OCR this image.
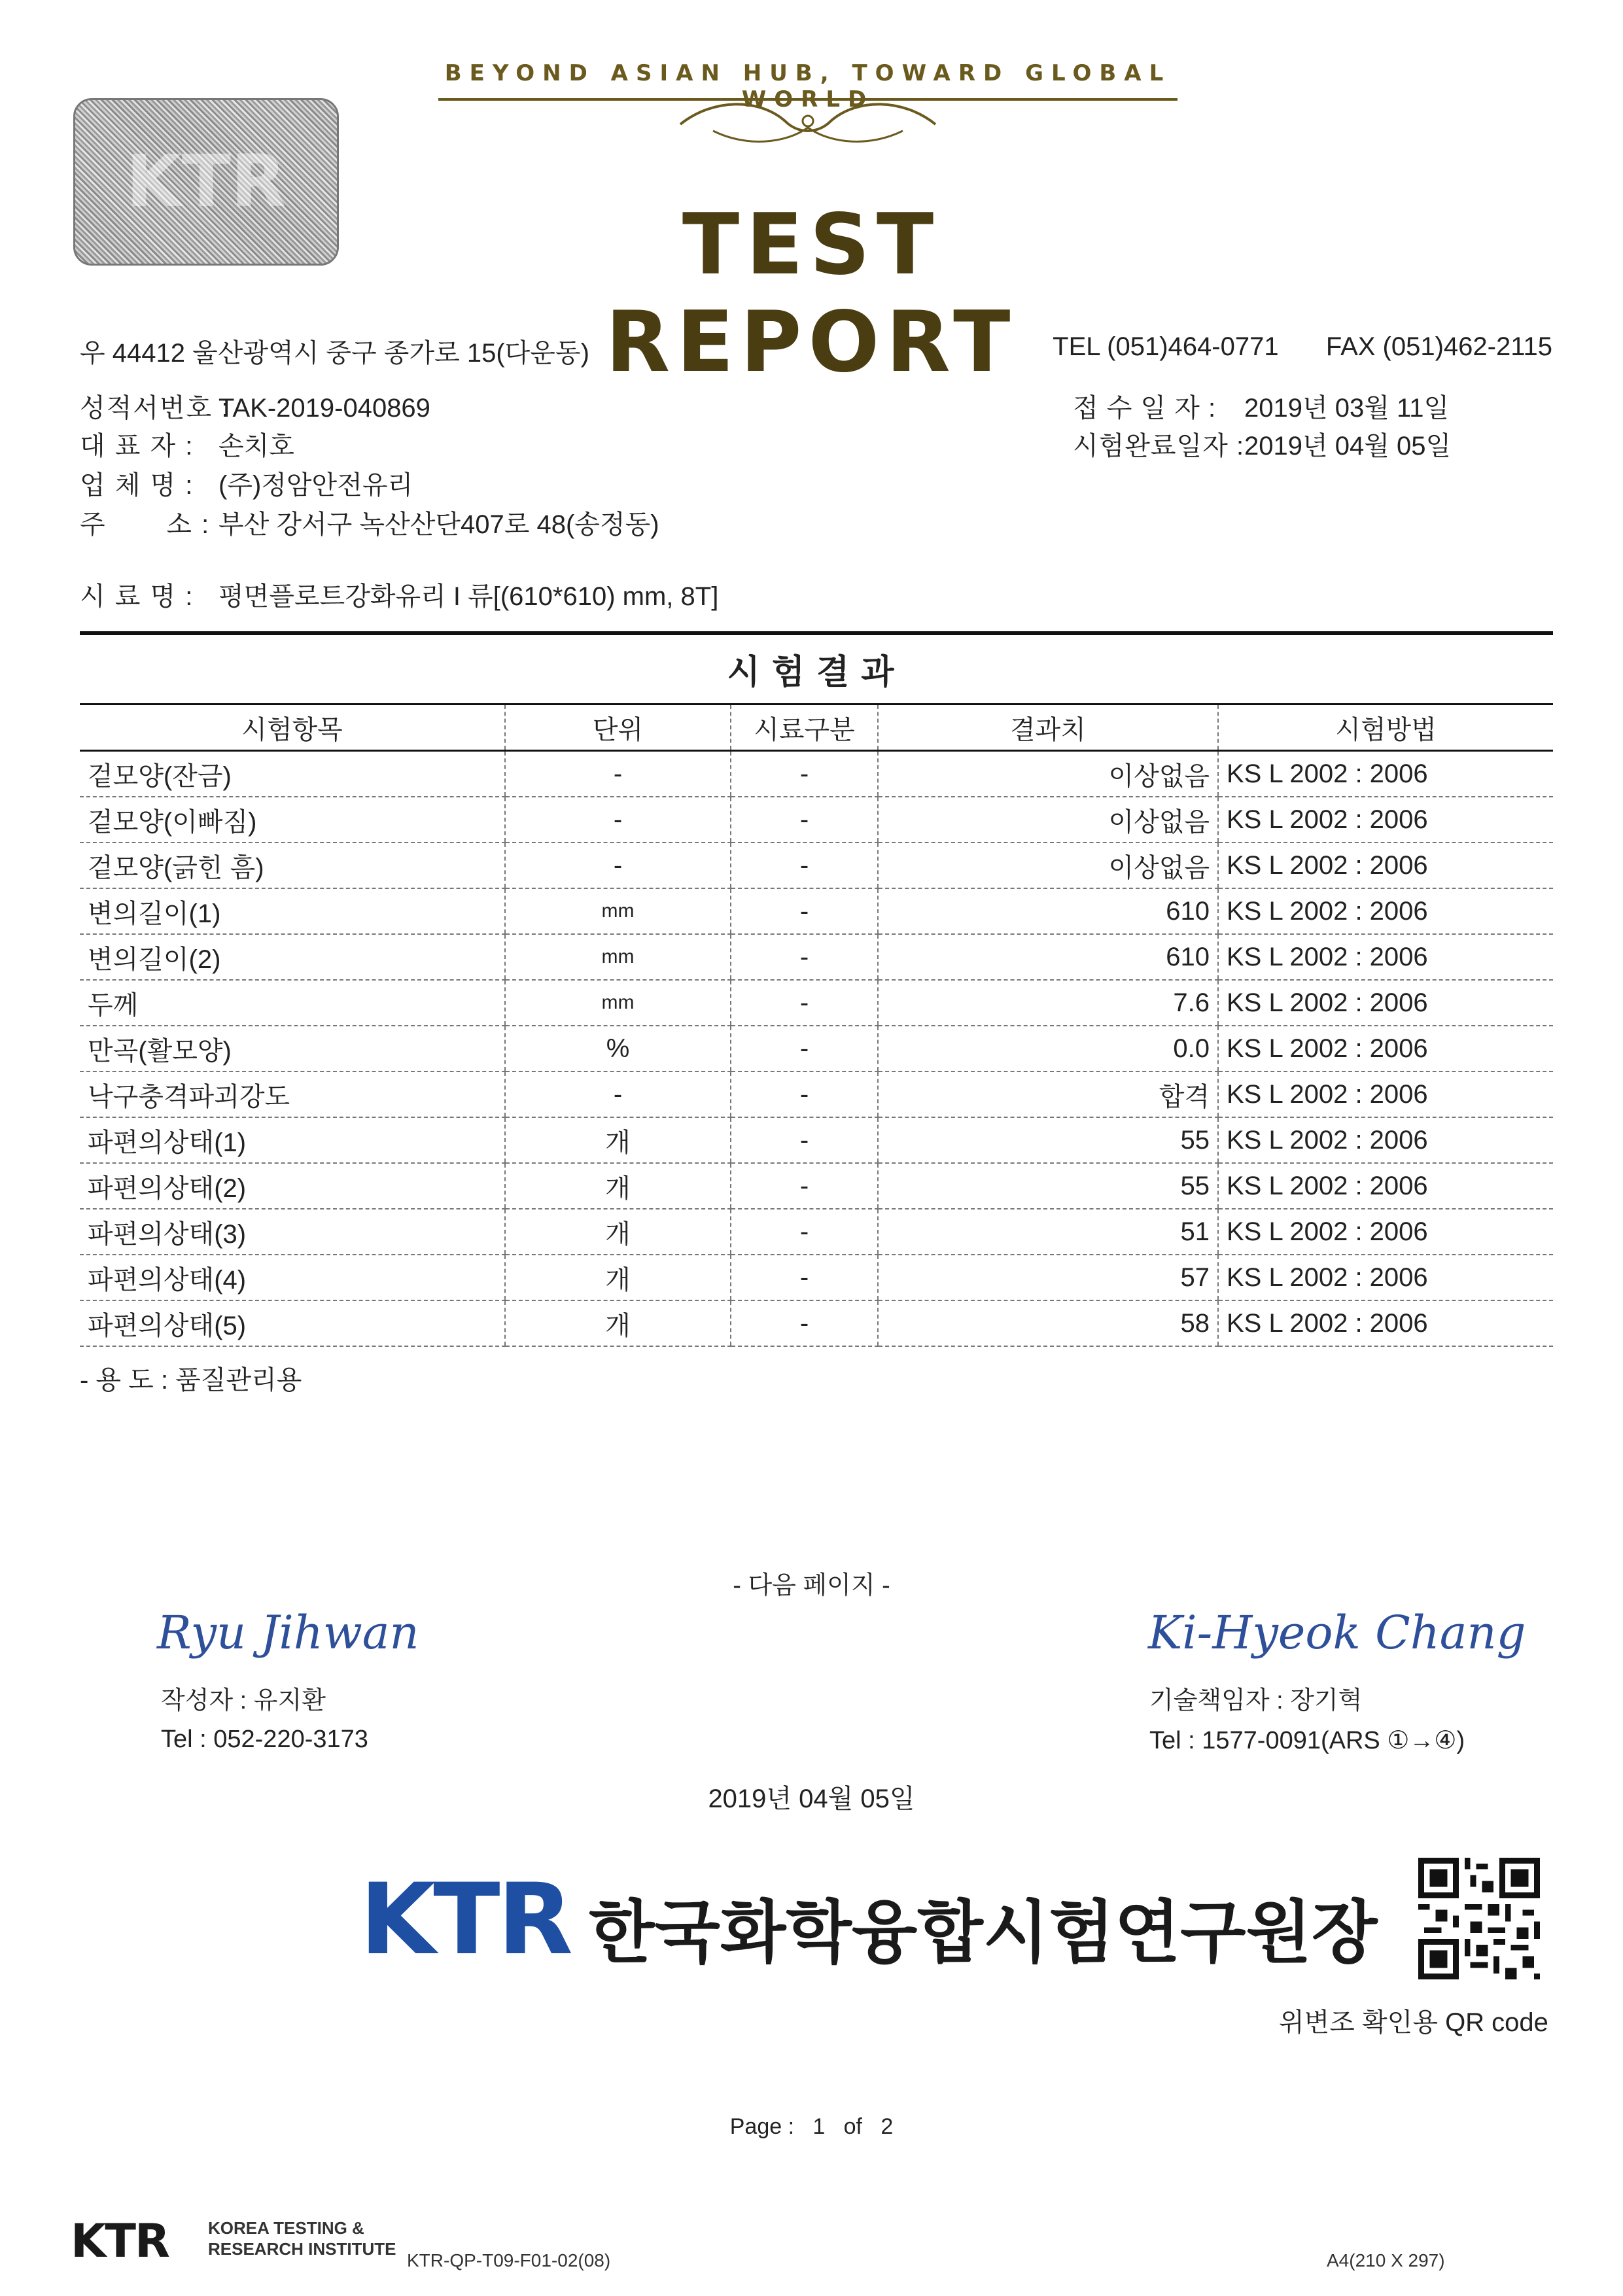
BEYOND ASIAN HUB, TOWARD GLOBAL WORLD
TEST REPORT
KTR
우 44412 울산광역시 중구 종가로 15(다운동)	TEL (051)464-0771 FAX (051)462-2115
성적서번호 :TAK-2019-040869
대 표 자 : 손치호
업 체 명 : (주)정암안전유리
주       소 : 부산 강서구 녹산산단407로 48(송정동)
시 료 명 : 평면플로트강화유리 I 류[(610*610) mm, 8T]
접 수 일 자 : 2019년 03월 11일
시험완료일자 :2019년 04월 05일
시험결과
시험항목	단위	시료구분	결과치	시험방법
겉모양(잔금)	-	-	이상없음	KS L 2002 : 2006
겉모양(이빠짐)	-	-	이상없음	KS L 2002 : 2006
겉모양(긁힌 흠)	-	-	이상없음	KS L 2002 : 2006
변의길이(1)	mm	-	610	KS L 2002 : 2006
변의길이(2)	mm	-	610	KS L 2002 : 2006
두께	mm	-	7.6	KS L 2002 : 2006
만곡(활모양)	%	-	0.0	KS L 2002 : 2006
낙구충격파괴강도	-	-	합격	KS L 2002 : 2006
파편의상태(1)	개	-	55	KS L 2002 : 2006
파편의상태(2)	개	-	55	KS L 2002 : 2006
파편의상태(3)	개	-	51	KS L 2002 : 2006
파편의상태(4)	개	-	57	KS L 2002 : 2006
파편의상태(5)	개	-	58	KS L 2002 : 2006
- 용 도 : 품질관리용
- 다음 페이지 -
Ryu Jihwan
작성자 : 유지환
Tel : 052-220-3173
Ki-Hyeok Chang
기술책임자 : 장기혁
Tel : 1577-0091(ARS ①→④)
2019년 04월 05일
KTR 한국화학융합시험연구원장
위변조 확인용 QR code
Page :   1   of   2
KTR KOREA TESTING &
RESEARCH INSTITUTE
KTR-QP-T09-F01-02(08)	A4(210 X 297)
